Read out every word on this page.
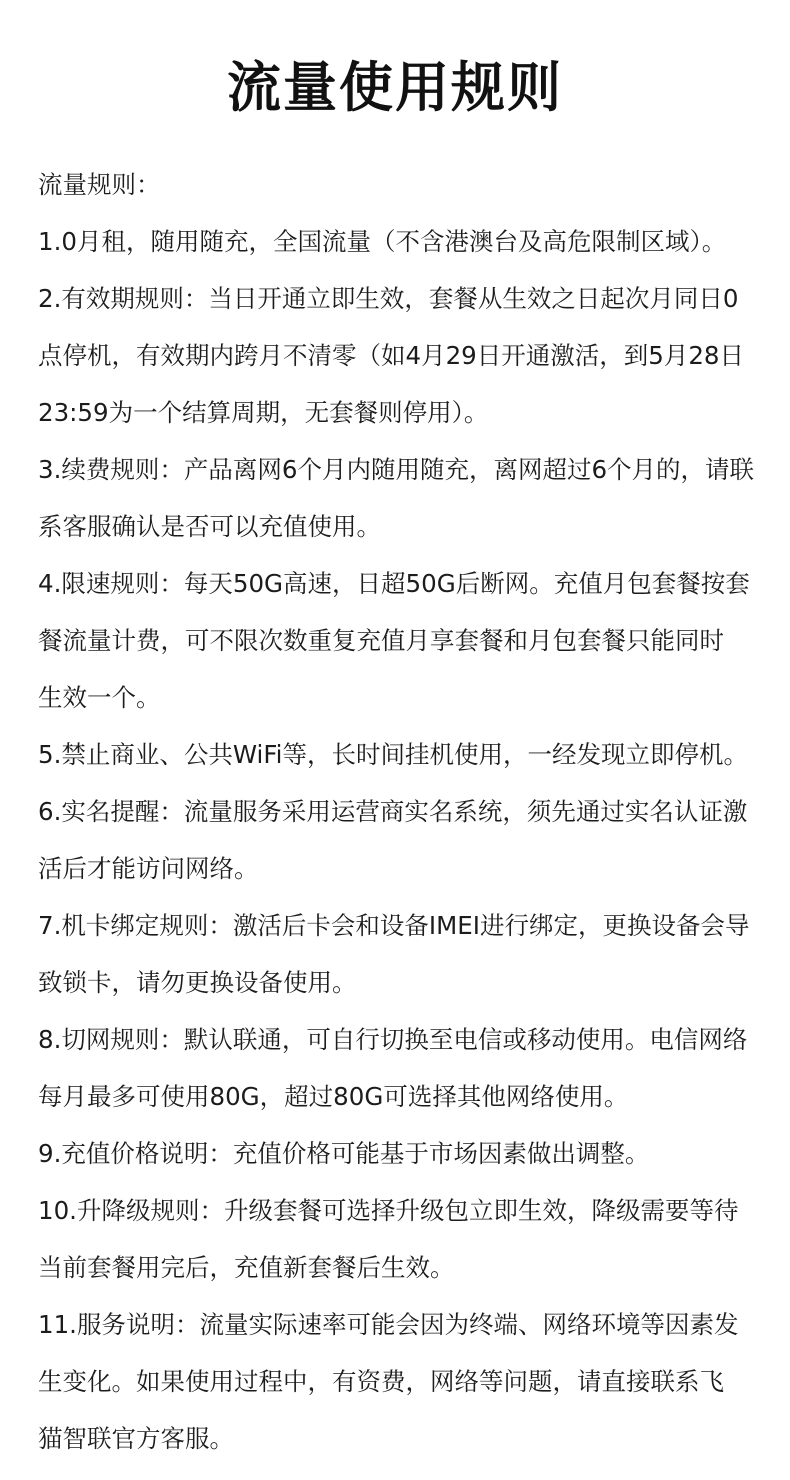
流量使用规则
流量规则：
1.0月租，随用随充，全国流量（不含港澳台及高危限制区域）。
2.有效期规则：当日开通立即生效，套餐从生效之日起次月同日0
点停机，有效期内跨月不清零（如4月29日开通激活，到5月28日
23:59为一个结算周期，无套餐则停用）。
3.续费规则：产品离网6个月内随用随充，离网超过6个月的，请联
系客服确认是否可以充值使用。
4.限速规则：每天50G高速，日超50G后断网。充值月包套餐按套
餐流量计费，可不限次数重复充值月享套餐和月包套餐只能同时
生效一个。
5.禁止商业、公共WiFi等，长时间挂机使用，一经发现立即停机。
6.实名提醒：流量服务采用运营商实名系统，须先通过实名认证激
活后才能访问网络。
7.机卡绑定规则：激活后卡会和设备IMEI进行绑定，更换设备会导
致锁卡，请勿更换设备使用。
8.切网规则：默认联通，可自行切换至电信或移动使用。电信网络
每月最多可使用80G，超过80G可选择其他网络使用。
9.充值价格说明：充值价格可能基于市场因素做出调整。
10.升降级规则：升级套餐可选择升级包立即生效，降级需要等待
当前套餐用完后，充值新套餐后生效。
11.服务说明：流量实际速率可能会因为终端、网络环境等因素发
生变化。如果使用过程中，有资费，网络等问题，请直接联系飞
猫智联官方客服。
